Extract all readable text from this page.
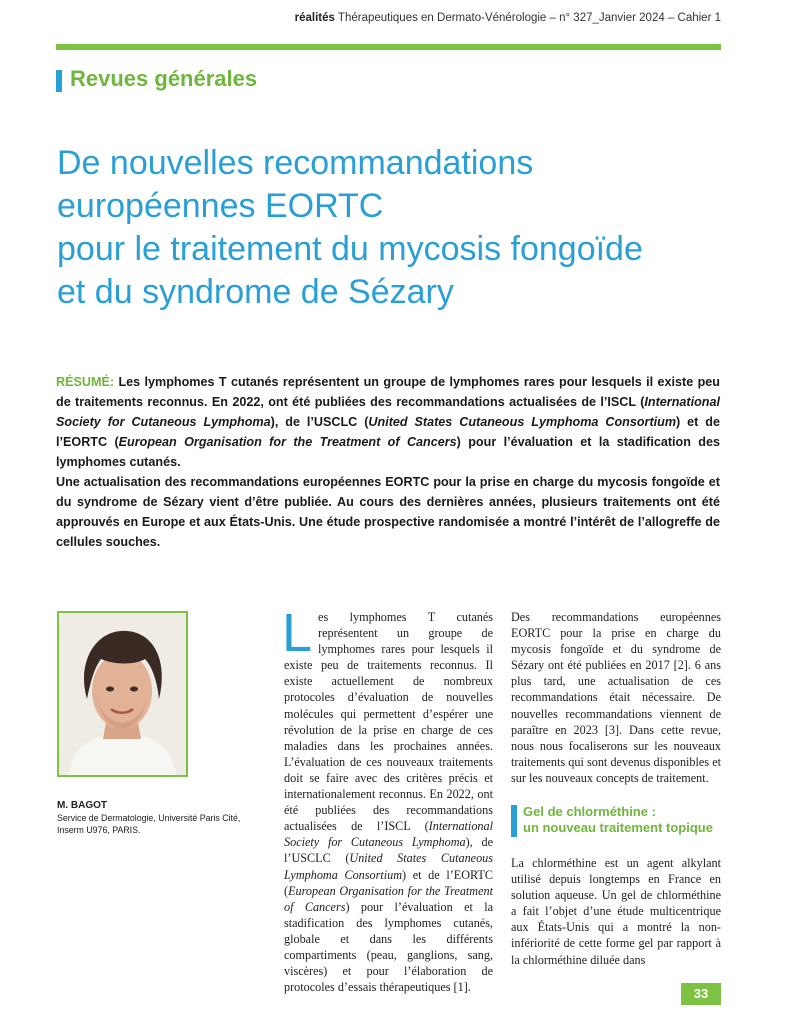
réalités Thérapeutiques en Dermato-Vénérologie – n° 327_Janvier 2024 – Cahier 1
Revues générales
De nouvelles recommandations
européennes EORTC
pour le traitement du mycosis fongoïde
et du syndrome de Sézary

RÉSUMÉ: Les lymphomes T cutanés représentent un groupe de lymphomes rares pour lesquels il existe peu de traitements reconnus. En 2022, ont été publiées des recommandations actualisées de l’ISCL (International Society for Cutaneous Lymphoma), de l’USCLC (United States Cutaneous Lymphoma Consortium) et de l’EORTC (European Organisation for the Treatment of Cancers) pour l’évaluation et la stadification des lymphomes cutanés.

Une actualisation des recommandations européennes EORTC pour la prise en charge du mycosis fongoïde et du syndrome de Sézary vient d’être publiée. Au cours des dernières années, plusieurs traitements ont été approuvés en Europe et aux États-Unis. Une étude prospective randomisée a montré l’intérêt de l’allogreffe de cellules souches.

M. BAGOT
Service de Dermatologie, Université Paris Cité, Inserm U976, PARIS.

Les lymphomes T cutanés représentent un groupe de lymphomes rares pour lesquels il existe peu de traitements reconnus. Il existe actuellement de nombreux protocoles d’évaluation de nouvelles molécules qui permettent d’espérer une révolution de la prise en charge de ces maladies dans les prochaines années. L’évaluation de ces nouveaux traitements doit se faire avec des critères précis et internationalement reconnus. En 2022, ont été publiées des recommandations actualisées de l’ISCL (International Society for Cutaneous Lymphoma), de l’USCLC (United States Cutaneous Lymphoma Consortium) et de l’EORTC (European Organisation for the Treatment of Cancers) pour l’évaluation et la stadification des lymphomes cutanés, globale et dans les différents compartiments (peau, ganglions, sang, viscères) et pour l’élaboration de protocoles d’essais thérapeutiques [1].

Des recommandations européennes EORTC pour la prise en charge du mycosis fongoïde et du syndrome de Sézary ont été publiées en 2017 [2]. 6 ans plus tard, une actualisation de ces recommandations était nécessaire. De nouvelles recommandations viennent de paraître en 2023 [3]. Dans cette revue, nous nous focaliserons sur les nouveaux traitements qui sont devenus disponibles et sur les nouveaux concepts de traitement.

Gel de chlorméthine :
un nouveau traitement topique

La chlorméthine est un agent alkylant utilisé depuis longtemps en France en solution aqueuse. Un gel de chlorméthine a fait l’objet d’une étude multicentrique aux États-Unis qui a montré la non-infériorité de cette forme gel par rapport à la chlorméthine diluée dans

33
